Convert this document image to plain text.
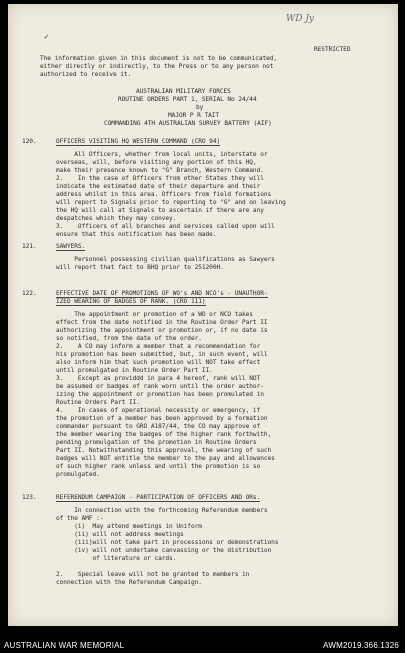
✓
WD Jy
RESTRICTED
The information given in this document is not to be communicated,
either directly or indirectly, to the Press or to any person not
authorized to receive it.
AUSTRALIAN MILITARY FORCES
ROUTINE ORDERS PART 1, SERIAL No 24/44
by
MAJOR P R TAIT
COMMANDING 4TH AUSTRALIAN SURVEY BATTERY (AIF)
120.	OFFICERS VISITING HQ WESTERN COMMAND (CRO 94)
All Officers, whether from local units, interstate or
overseas, will, before visiting any portion of this HQ,
make their presence known to "G" Branch, Western Command.
2.    In the case of Officers from other States they will
indicate the estimated date of their departure and their
address whilst in this area. Officers from field formations
will report to Signals prior to reporting to "G" and on leaving
the HQ will call at Signals to ascertain if there are any
despatches which they may convey.
3.    Officers of all branches and services called upon will
ensure that this notification has been made.
121.	SAWYERS.
Personnel possessing civilian qualifications as Sawyers
will report that fact to BHQ prior to 251200H.
122.	EFFECTIVE DATE OF PROMOTIONS OF WO's AND NCO's - UNAUTHOR-
IZED WEARING OF BADGES OF RANK. (CRO 111)
The appointment or promotion of a WO or NCO takes
effect from the date notified in the Routine Order Part II
authorizing the appointment or promotion or, if no date is
so notified, from the date of the order.
2.    A CO may inform a member that a recommendation for
his promotion has been submitted, but, in such event, will
also inform him that such promotion will NOT take effect
until promulgated in Routine Order Part II.
3.    Except as providdd in para 4 hereof, rank will NOT
be assumed or badges of rank worn until the order author-
izing the appointment or promotion has been promulated in
Routine Orders Part II.
4.    In cases of operational necessity or emergency, if
the promotion of a member has been approved by a formation
commander pursuant to GRO A187/44, the CO may approve of
the member wearing the badges of the higher rank forthwith,
pending promulgation of the promotion in Routine Orders
Part II. Notwithstanding this approval, the wearing of such
badges will NOT entitle the member to the pay and allowances
of such higher rank unless and until the promotion is so
promulgated.
123.	REFERENDUM CAMPAIGN - PARTICIPATION OF OFFICERS AND ORs.
In connection with the forthcoming Referendum members
of the AMF :-
(i)  May attend meetings in Uniform
(ii) will not address meetings
(iii)will not take part in processions or demonstrations
(iv) will not undertake canvassing or the distribution
of literature or cards.
2.    Special leave will not be granted to members in
connection with the Referendum Campaign.
AUSTRALIAN WAR MEMORIAL	AWM2019.366.1326
